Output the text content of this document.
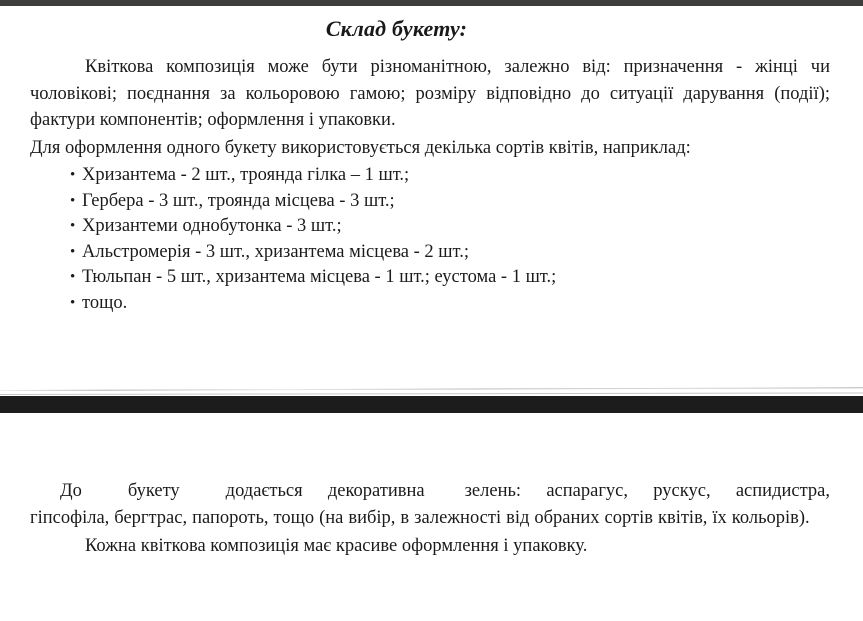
Склад букету:

Квіткова композиція може бути різноманітною, залежно від: призначення - жінці чи чоловікові; поєднання за кольоровою гамою; розміру відповідно до ситуації дарування (події); фактури компонентів; оформлення і упаковки.

Для оформлення одного букету використовується декілька сортів квітів, наприклад:

• Хризантема - 2 шт., троянда гілка – 1 шт.;
• Гербера - 3 шт., троянда місцева - 3 шт.;
• Хризантеми однобутонка - 3 шт.;
• Альстромерія - 3 шт., хризантема місцева - 2 шт.;
• Тюльпан - 5 шт., хризантема місцева - 1 шт.; еустома - 1 шт.;
• тощо.

До букету додається декоративна зелень: аспарагус, рускус, аспидистра, гіпсофіла, бергтрас, папороть, тощо (на вибір, в залежності від обраних сортів квітів, їх кольорів).

Кожна квіткова композиція має красиве оформлення і упаковку.
